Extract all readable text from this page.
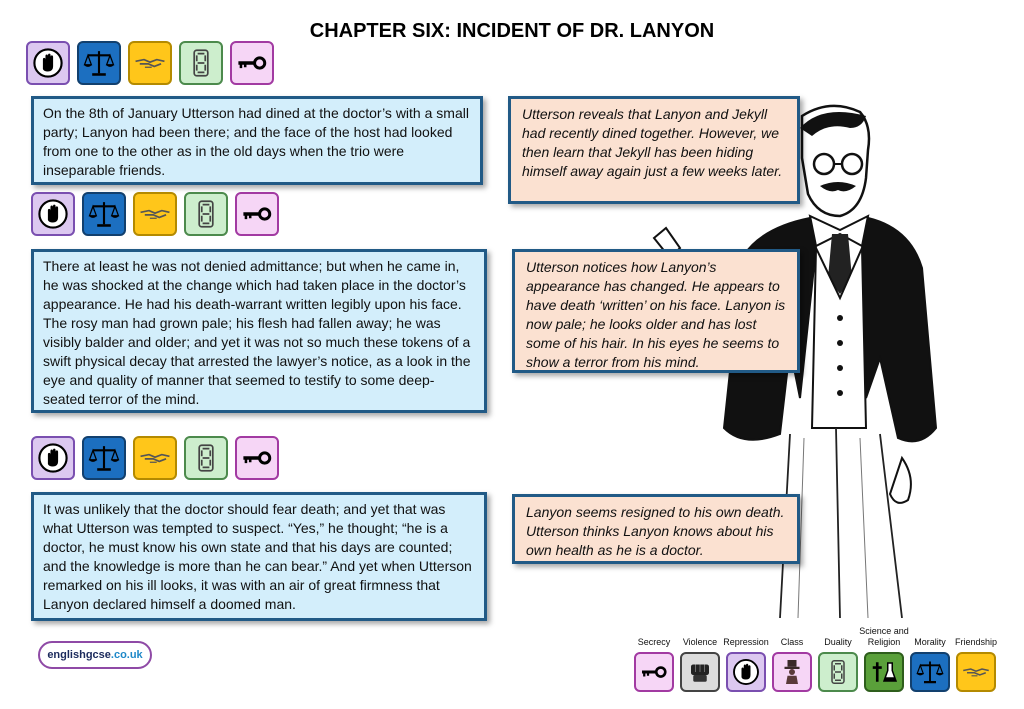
CHAPTER SIX: INCIDENT OF DR. LANYON
On the 8th of January Utterson had dined at the doctor’s with a small party; Lanyon had been there; and the face of the host had looked from one to the other as in the old days when the trio were inseparable friends.
There at least he was not denied admittance; but when he came in, he was shocked at the change which had taken place in the doctor’s appearance. He had his death-warrant written legibly upon his face. The rosy man had grown pale; his flesh had fallen away; he was visibly balder and older; and yet it was not so much these tokens of a swift physical decay that arrested the lawyer’s notice, as a look in the eye and quality of manner that seemed to testify to some deep-seated terror of the mind.
It was unlikely that the doctor should fear death; and yet that was what Utterson was tempted to suspect. “Yes,” he thought; “he is a doctor, he must know his own state and that his days are counted; and the knowledge is more than he can bear.” And yet when Utterson remarked on his ill looks, it was with an air of great firmness that Lanyon declared himself a doomed man.
Utterson reveals that Lanyon and Jekyll had recently dined together. However, we then learn that Jekyll has been hiding himself away again just a few weeks later.
Utterson notices how Lanyon’s appearance has changed. He appears to have death ‘written’ on his face. Lanyon is now pale; he looks older and has lost some of his hair. In his eyes he seems to show a terror from his mind.
Lanyon seems resigned to his own death. Utterson thinks Lanyon knows about his own health as he is a doctor.
englishgcse .co.uk
Secrecy	Violence Repression	Class	Duality
Science and Religion	Morality	Friendship
